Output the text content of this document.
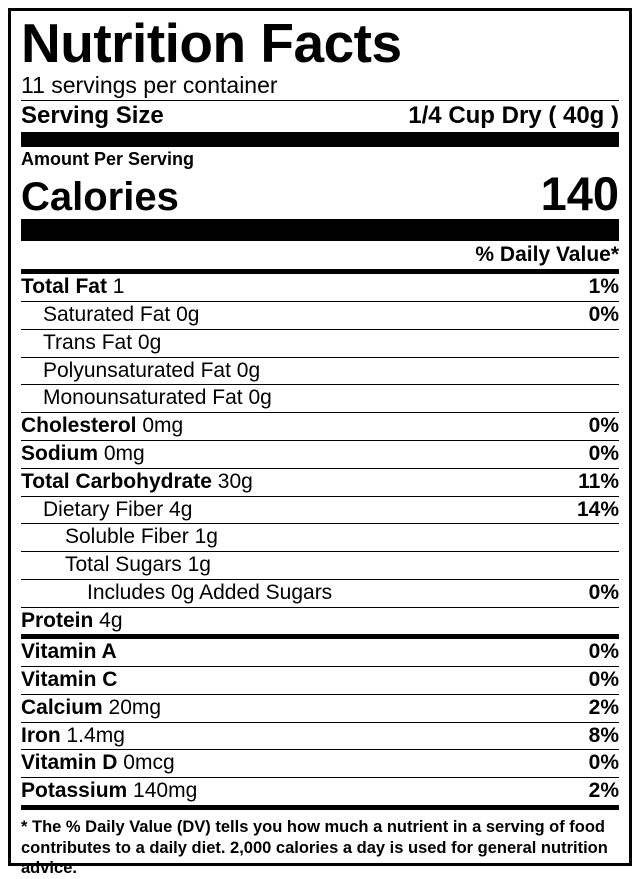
Nutrition Facts
11 servings per container
Serving Size	1/4 Cup Dry ( 40g )
Amount Per Serving
Calories	140
% Daily Value*
Total Fat 1	1%
Saturated Fat 0g	0%
Trans Fat 0g
Polyunsaturated Fat 0g
Monounsaturated Fat 0g
Cholesterol 0mg	0%
Sodium 0mg	0%
Total Carbohydrate 30g	11%
Dietary Fiber 4g	14%
Soluble Fiber 1g
Total Sugars 1g
Includes 0g Added Sugars	0%
Protein 4g
Vitamin A	0%
Vitamin C	0%
Calcium 20mg	2%
Iron 1.4mg	8%
Vitamin D 0mcg	0%
Potassium 140mg	2%
* The % Daily Value (DV) tells you how much a nutrient in a serving of food contributes to a daily diet. 2,000 calories a day is used for general nutrition advice.
